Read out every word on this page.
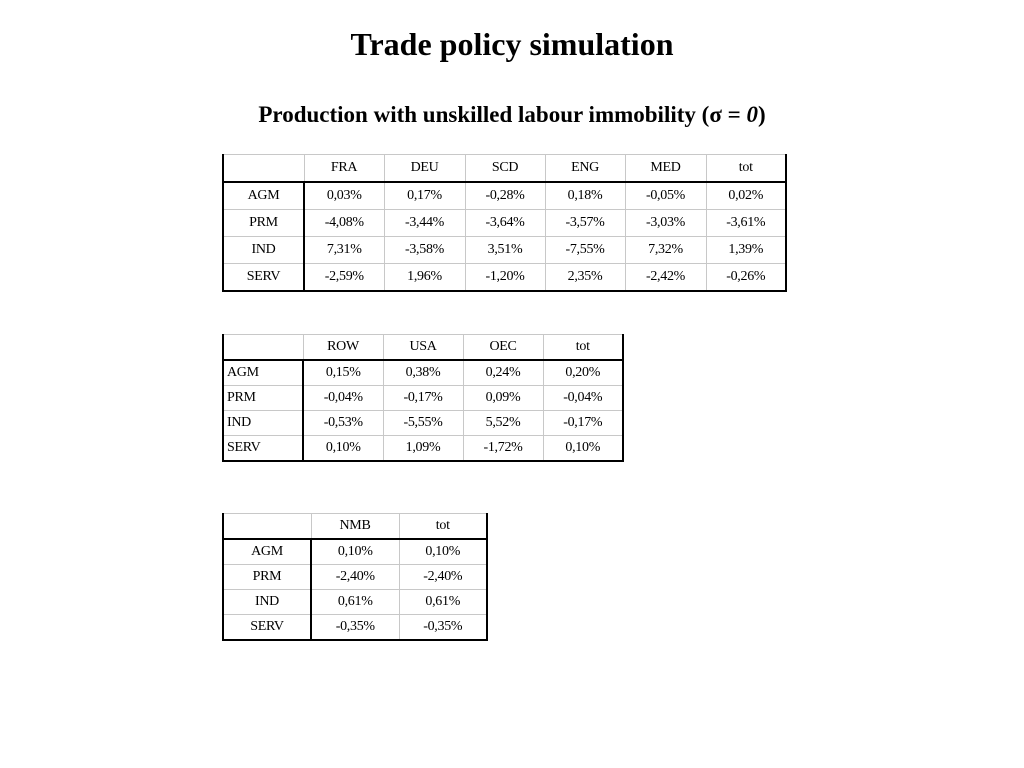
Trade policy simulation
Production with unskilled labour immobility (σ = 0)
	FRA	DEU	SCD	ENG	MED	tot
AGM	0,03%	0,17%	-0,28%	0,18%	-0,05%	0,02%
PRM	-4,08%	-3,44%	-3,64%	-3,57%	-3,03%	-3,61%
IND	7,31%	-3,58%	3,51%	-7,55%	7,32%	1,39%
SERV	-2,59%	1,96%	-1,20%	2,35%	-2,42%	-0,26%
	ROW	USA	OEC	tot
AGM	0,15%	0,38%	0,24%	0,20%
PRM	-0,04%	-0,17%	0,09%	-0,04%
IND	-0,53%	-5,55%	5,52%	-0,17%
SERV	0,10%	1,09%	-1,72%	0,10%
	NMB	tot
AGM	0,10%	0,10%
PRM	-2,40%	-2,40%
IND	0,61%	0,61%
SERV	-0,35%	-0,35%
